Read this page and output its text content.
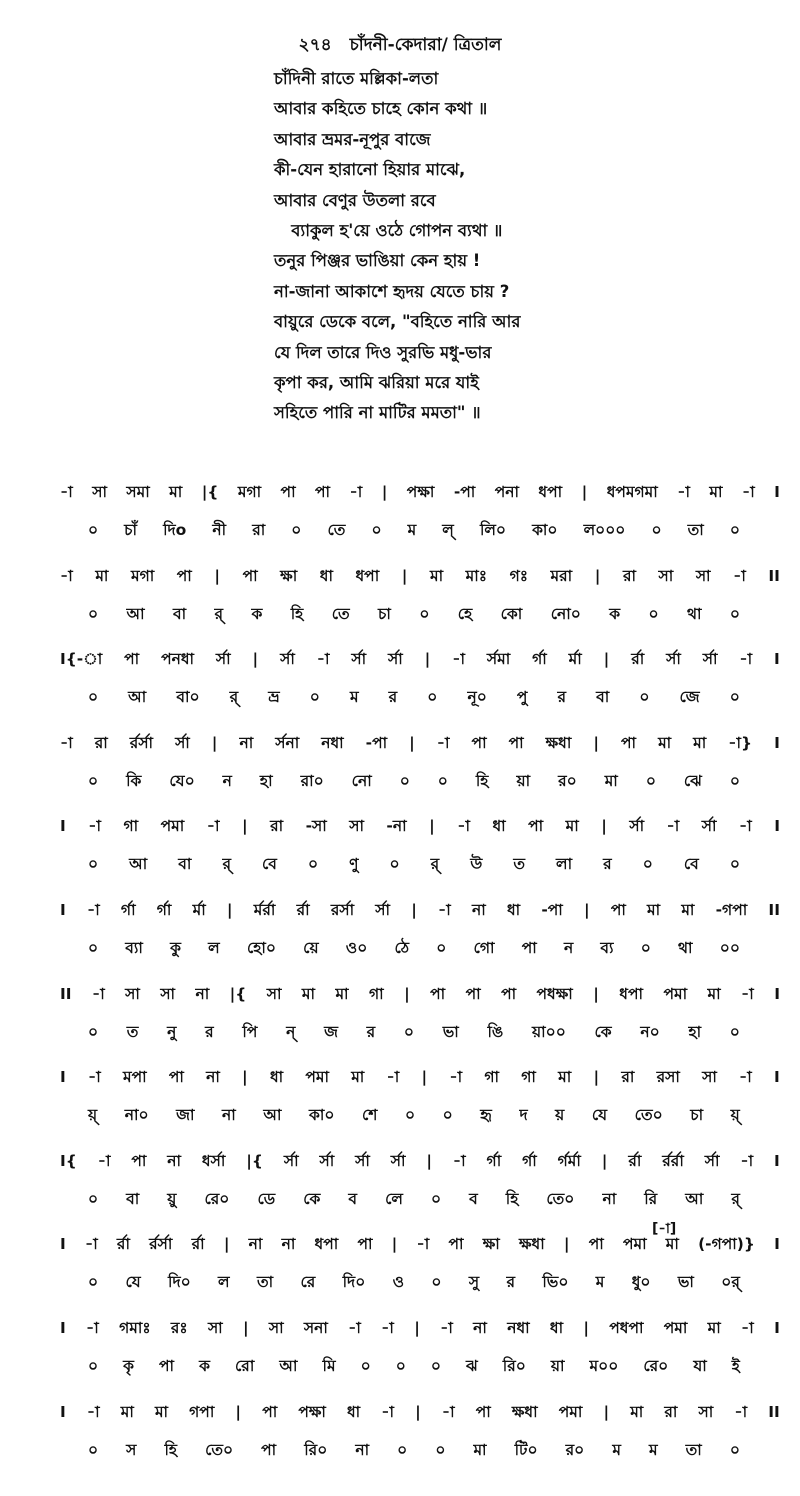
২৭৪ চাঁদনী-কেদারা/ ত্রিতাল
চাঁদিনী রাতে মল্লিকা-লতা
আবার কহিতে চাহে কোন কথা ॥
আবার ভ্রমর-নূপুর বাজে
কী-যেন হারানো হিয়ার মাঝে,
আবার বেণুর উতলা রবে
ব্যাকুল হ'য়ে ওঠে গোপন ব্যথা ॥
তনুর পিঞ্জর ভাঙিয়া কেন হায় !
না-জানা আকাশে হৃদয় যেতে চায় ?
বায়ুরে ডেকে বলে, "বহিতে নারি আর
যে দিল তারে দিও সুরভি মধু-ভার
কৃপা কর, আমি ঝরিয়া মরে যাই
সহিতে পারি না মাটির মমতা" ॥
[-া]
-া সা সমা মা |{ মগা পা পা -া | পক্ষা -পা পনা ধপা | ধপমগমা -া মা -া I
০ চাঁ দিo নী রা ০ তে ০ ম ল্ লি০ কা০ ল০০০ ০ তা ০
-া মা মগা পা | পা ক্ষা ধা ধপা | মা মাঃ গঃ মরা | রা সা সা -া II
০ আ বা র্ ক হি তে চা ০ হে কো নো০ ক ০ থা ০
I{-া পা পনধা র্সা | র্সা -া র্সা র্সা | -া র্সমা র্গা র্মা | র্রা র্সা র্সা -া I
০ আ বা০ র্ ভ্র ০ ম র ০ নূ০ পু র বা ০ জে ০
-া রা র্রর্সা র্সা | না র্সনা নধা -পা | -া পা পা ক্ষধা | পা মা মা -া} I
০ কি যে০ ন হা রা০ নো ০ ০ হি য়া র০ মা ০ ঝে ০
I -া গা পমা -া | রা -সা সা -না | -া ধা পা মা | র্সা -া র্সা -া I
০ আ বা র্ বে ০ ণু ০ র্ উ ত লা র ০ বে ০
I -া র্গা র্গা র্মা | র্মর্রা র্রা রর্সা র্সা | -া না ধা -পা | পা মা মা -গপা II
০ ব্যা কু ল হো০ য়ে ও০ ঠে ০ গো পা ন ব্য ০ থা ০০
II -া সা সা না |{ সা মা মা গা | পা পা পা পধক্ষা | ধপা পমা মা -া I
০ ত নু র পি ন্ জ র ০ ভা ঙি য়া০০ কে ন০ হা ০
I -া মপা পা না | ধা পমা মা -া | -া গা গা মা | রা রসা সা -া I
য়্ না০ জা না আ কা০ শে ০ ০ হৃ দ য় যে তে০ চা য়্
I{ -া পা না ধর্সা |{ র্সা র্সা র্সা র্সা | -া র্গা র্গা র্গর্মা | র্রা র্রর্রা র্সা -া I
০ বা য়ু রে০ ডে কে ব লে ০ ব হি তে০ না রি আ র্
I -া র্রা র্রর্সা র্রা | না না ধপা পা | -া পা ক্ষা ক্ষধা | পা পমা মা (-গপা)} I
০ যে দি০ ল তা রে দি০ ও ০ সু র ভি০ ম ধু০ ভা ০র্
I -া গমাঃ রঃ সা | সা সনা -া -া | -া না নধা ধা | পধপা পমা মা -া I
০ কৃ পা ক রো আ মি ০ ০ ০ ঝ রি০ য়া ম০০ রে০ যা ই
I -া মা মা গপা | পা পক্ষা ধা -া | -া পা ক্ষধা পমা | মা রা সা -া II
০ স হি তে০ পা রি০ না ০ ০ মা টি০ র০ ম ম তা ০
